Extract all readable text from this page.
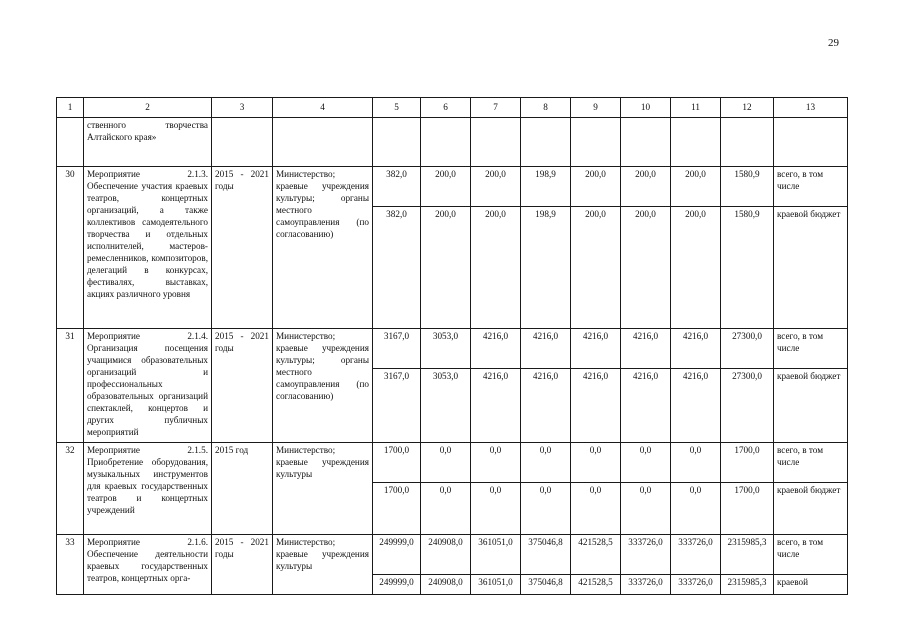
29
1	2	3	4	5	6	7	8	9	10	11	12	13
	ственного творчества Алтайского края»											
30	Мероприятие 2.1.3. Обеспечение участия краевых театров, концертных организаций, а также коллективов самодеятельного творчества и отдельных исполнителей, мастеров-ремесленников, композиторов, делегаций в конкурсах, фестивалях, выставках, акциях различного уровня	2015 - 2021 годы	Министерство; краевые учреждения культуры; органы местного самоуправления (по согласованию)	382,0	200,0	200,0	198,9	200,0	200,0	200,0	1580,9	всего, в том числе
				382,0	200,0	200,0	198,9	200,0	200,0	200,0	1580,9	краевой бюджет
31	Мероприятие 2.1.4. Организация посещения учащимися образовательных организаций и профессиональных образовательных организаций спектаклей, концертов и других публичных мероприятий	2015 - 2021 годы	Министерство; краевые учреждения культуры; органы местного самоуправления (по согласованию)	3167,0	3053,0	4216,0	4216,0	4216,0	4216,0	4216,0	27300,0	всего, в том числе
				3167,0	3053,0	4216,0	4216,0	4216,0	4216,0	4216,0	27300,0	краевой бюджет
32	Мероприятие 2.1.5. Приобретение оборудования, музыкальных инструментов для краевых государственных театров и концертных учреждений	2015 год	Министерство; краевые учреждения культуры	1700,0	0,0	0,0	0,0	0,0	0,0	0,0	1700,0	всего, в том числе
				1700,0	0,0	0,0	0,0	0,0	0,0	0,0	1700,0	краевой бюджет
33	Мероприятие 2.1.6. Обеспечение деятельности краевых государственных театров, концертных орга-	2015 - 2021 годы	Министерство; краевые учреждения культуры	249999,0	240908,0	361051,0	375046,8	421528,5	333726,0	333726,0	2315985,3	всего, в том числе
				249999,0	240908,0	361051,0	375046,8	421528,5	333726,0	333726,0	2315985,3	краевой
